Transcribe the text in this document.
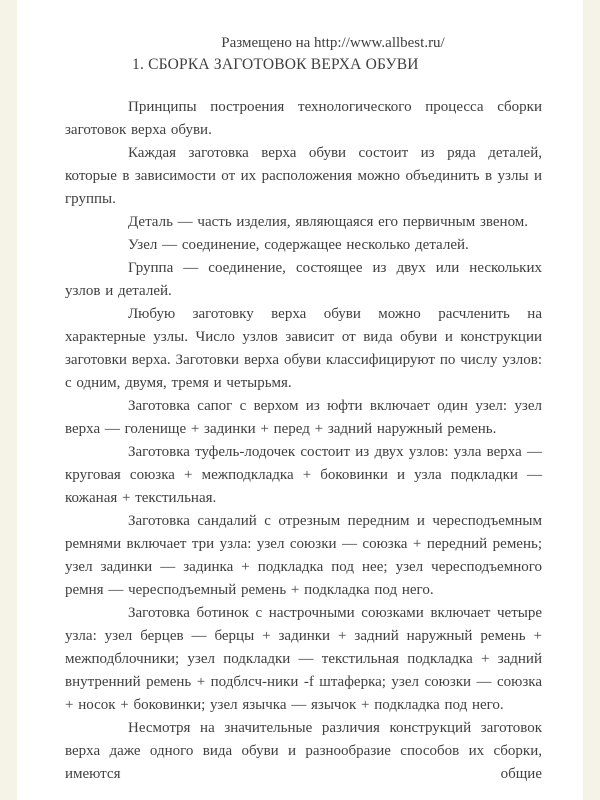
Размещено на http://www.allbest.ru/
1. СБОРКА ЗАГОТОВОК ВЕРХА ОБУВИ

Принципы построения технологического процесса сборки заготовок верха обуви.

Каждая заготовка верха обуви состоит из ряда деталей, которые в зависимости от их расположения можно объединить в узлы и группы.

Деталь — часть изделия, являющаяся его первичным звеном.

Узел — соединение, содержащее несколько деталей.

Группа — соединение, состоящее из двух или нескольких узлов и деталей.

Любую заготовку верха обуви можно расчленить на характерные узлы. Число узлов зависит от вида обуви и конструкции заготовки верха. Заготовки верха обуви классифицируют по числу узлов: с одним, двумя, тремя и четырьмя.

Заготовка сапог с верхом из юфти включает один узел: узел верха — голенище + задинки + перед + задний наружный ремень.

Заготовка туфель-лодочек состоит из двух узлов: узла верха — круговая союзка + межподкладка + боковинки и узла подкладки — кожаная + текстильная.

Заготовка сандалий с отрезным передним и чересподъемным ремнями включает три узла: узел союзки — союзка + передний ремень; узел задинки — задинка + подкладка под нее; узел чересподъемного ремня — чересподъемный ремень + подкладка под него.

Заготовка ботинок с настрочными союзками включает четыре узла: узел берцев — берцы + задинки + задний наружный ремень + межподблочники; узел подкладки — текстильная подкладка + задний внутренний ремень + подблсч-ники -f штаферка; узел союзки — союзка + носок + боковинки; узел язычка — язычок + подкладка под него.

Несмотря на значительные различия конструкций заготовок верха даже одного вида обуви и разнообразие способов их сборки, имеются общие
